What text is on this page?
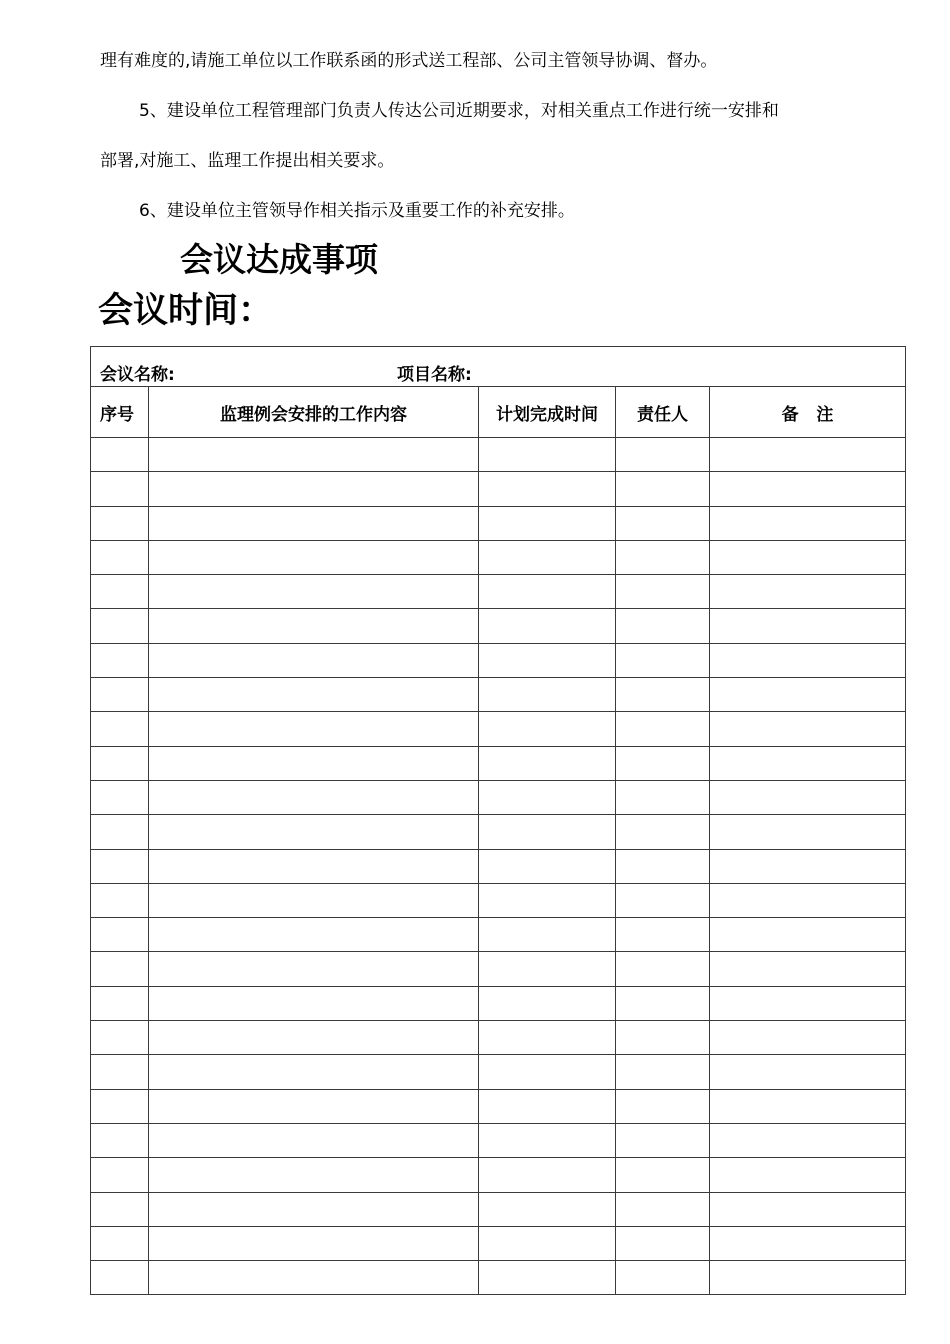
理有难度的,请施工单位以工作联系函的形式送工程部、公司主管领导协调、督办。
5、建设单位工程管理部门负责人传达公司近期要求，对相关重点工作进行统一安排和
部署,对施工、监理工作提出相关要求。
6、建设单位主管领导作相关指示及重要工作的补充安排。
会议达成事项
会议时间：
会议名称: 项目名称:				

序号	监理例会安排的工作内容	计划完成时间	责任人	备   注
